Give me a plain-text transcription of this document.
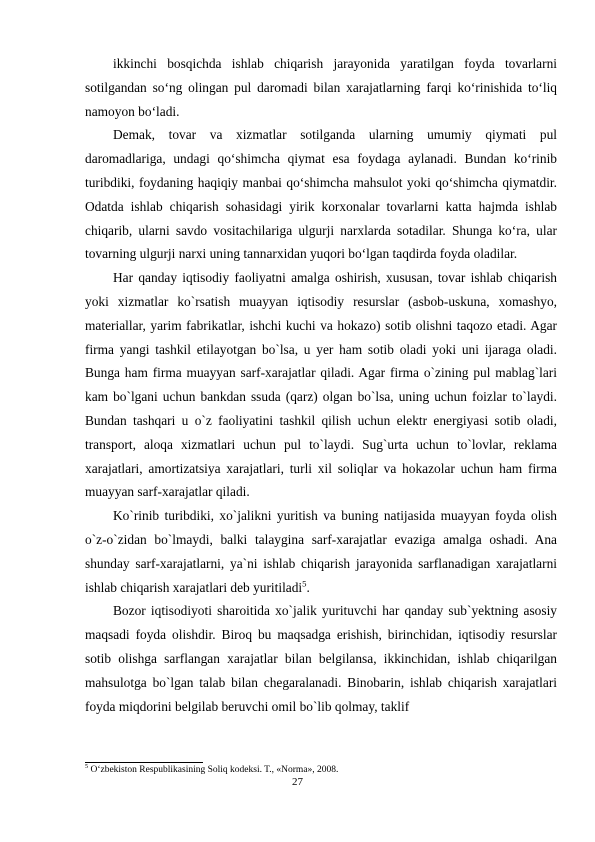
ikkinchi bosqichda ishlab chiqarish jarayonida yaratilgan foyda tovarlarni sotilgandan so‘ng olingan pul daromadi bilan xarajatlarning farqi ko‘rinishida to‘liq namoyon bo‘ladi.

Demak, tovar va xizmatlar sotilganda ularning umumiy qiymati pul daromadlariga, undagi qo‘shimcha qiymat esa foydaga aylanadi. Bundan ko‘rinib turibdiki, foydaning haqiqiy manbai qo‘shimcha mahsulot yoki qo‘shimcha qiymatdir. Odatda ishlab chiqarish sohasidagi yirik korxonalar tovarlarni katta hajmda ishlab chiqarib, ularni savdo vositachilariga ulgurji narxlarda sotadilar. Shunga ko‘ra, ular tovarning ulgurji narxi uning tannarxidan yuqori bo‘lgan taqdirda foyda oladilar.

Har qanday iqtisodiy faoliyatni amalga oshirish, xususan, tovar ishlab chiqarish yoki xizmatlar ko`rsatish muayyan iqtisodiy resurslar (asbob-uskuna, xomashyo, materiallar, yarim fabrikatlar, ishchi kuchi va hokazo) sotib olishni taqozo etadi. Agar firma yangi tashkil etilayotgan bo`lsa, u yer ham sotib oladi yoki uni ijaraga oladi. Bunga ham firma muayyan sarf-xarajatlar qiladi. Agar firma o`zining pul mablag`lari kam bo`lgani uchun bankdan ssuda (qarz) olgan bo`lsa, uning uchun foizlar to`laydi. Bundan tashqari u o`z faoliyatini tashkil qilish uchun elektr energiyasi sotib oladi, transport, aloqa xizmatlari uchun pul to`laydi. Sug`urta uchun to`lovlar, reklama xarajatlari, amortizatsiya xarajatlari, turli xil soliqlar va hokazolar uchun ham firma muayyan sarf-xarajatlar qiladi.

Ko`rinib turibdiki, xo`jalikni yuritish va buning natijasida muayyan foyda olish o`z-o`zidan bo`lmaydi, balki talaygina sarf-xarajatlar evaziga amalga oshadi. Ana shunday sarf-xarajatlarni, ya`ni ishlab chiqarish jarayonida sarflanadigan xarajatlarni ishlab chiqarish xarajatlari deb yuritiladi$^5$.

Bozor iqtisodiyoti sharoitida xo`jalik yurituvchi har qanday sub`yektning asosiy maqsadi foyda olishdir. Biroq bu maqsadga erishish, birinchidan, iqtisodiy resurslar sotib olishga sarflangan xarajatlar bilan belgilansa, ikkinchidan, ishlab chiqarilgan mahsulotga bo`lgan talab bilan chegaralanadi. Binobarin, ishlab chiqarish xarajatlari foyda miqdorini belgilab beruvchi omil bo`lib qolmay, taklif

$^5$ O‘zbekiston Respublikasining Soliq kodeksi. T., «Norma», 2008.
27
